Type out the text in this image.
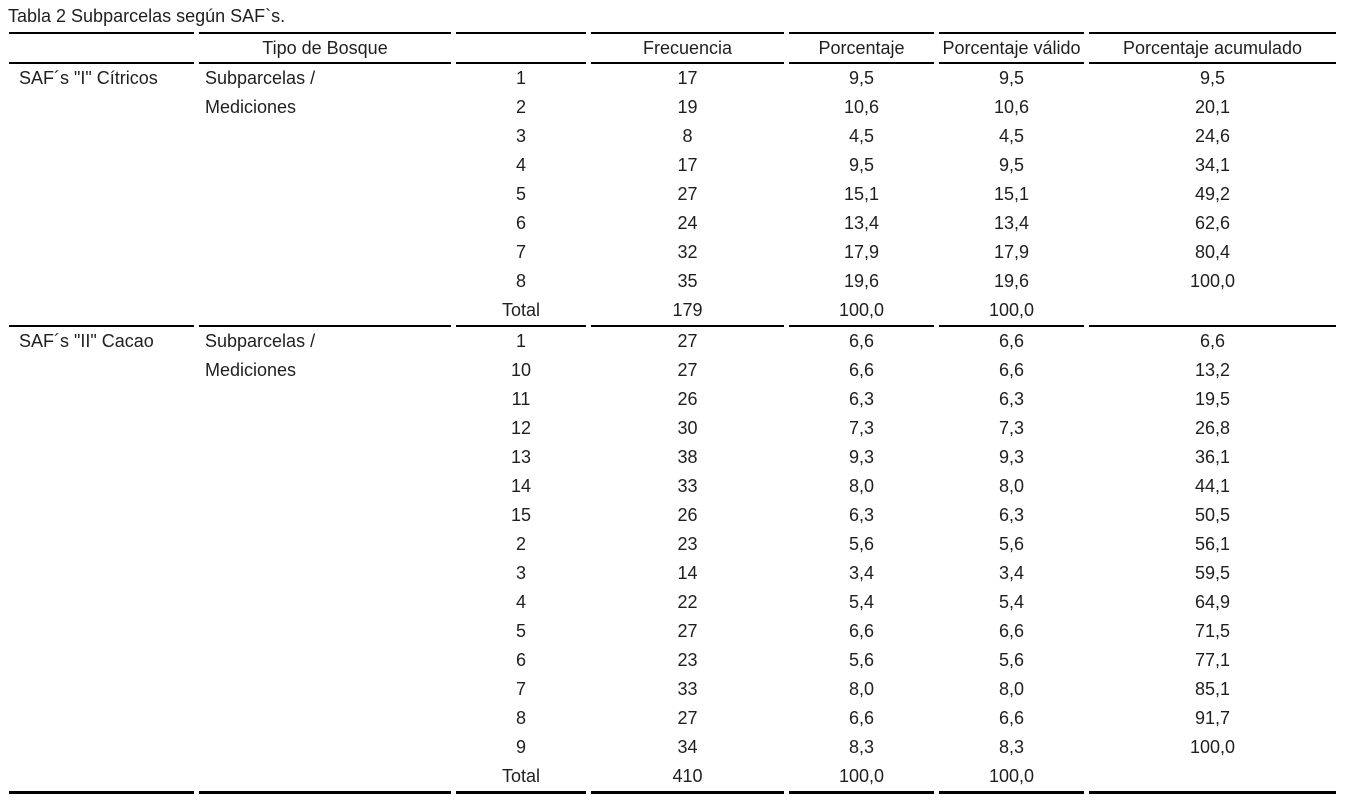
Tabla 2 Subparcelas según SAF`s.
	Tipo de Bosque		Frecuencia	Porcentaje	Porcentaje válido	Porcentaje acumulado
SAF´s "I" Cítricos	Subparcelas /	1	17	9,5	9,5	9,5
	Mediciones	2	19	10,6	10,6	20,1
		3	8	4,5	4,5	24,6
		4	17	9,5	9,5	34,1
		5	27	15,1	15,1	49,2
		6	24	13,4	13,4	62,6
		7	32	17,9	17,9	80,4
		8	35	19,6	19,6	100,0
		Total	179	100,0	100,0	
SAF´s "II" Cacao	Subparcelas /	1	27	6,6	6,6	6,6
	Mediciones	10	27	6,6	6,6	13,2
		11	26	6,3	6,3	19,5
		12	30	7,3	7,3	26,8
		13	38	9,3	9,3	36,1
		14	33	8,0	8,0	44,1
		15	26	6,3	6,3	50,5
		2	23	5,6	5,6	56,1
		3	14	3,4	3,4	59,5
		4	22	5,4	5,4	64,9
		5	27	6,6	6,6	71,5
		6	23	5,6	5,6	77,1
		7	33	8,0	8,0	85,1
		8	27	6,6	6,6	91,7
		9	34	8,3	8,3	100,0
		Total	410	100,0	100,0	
